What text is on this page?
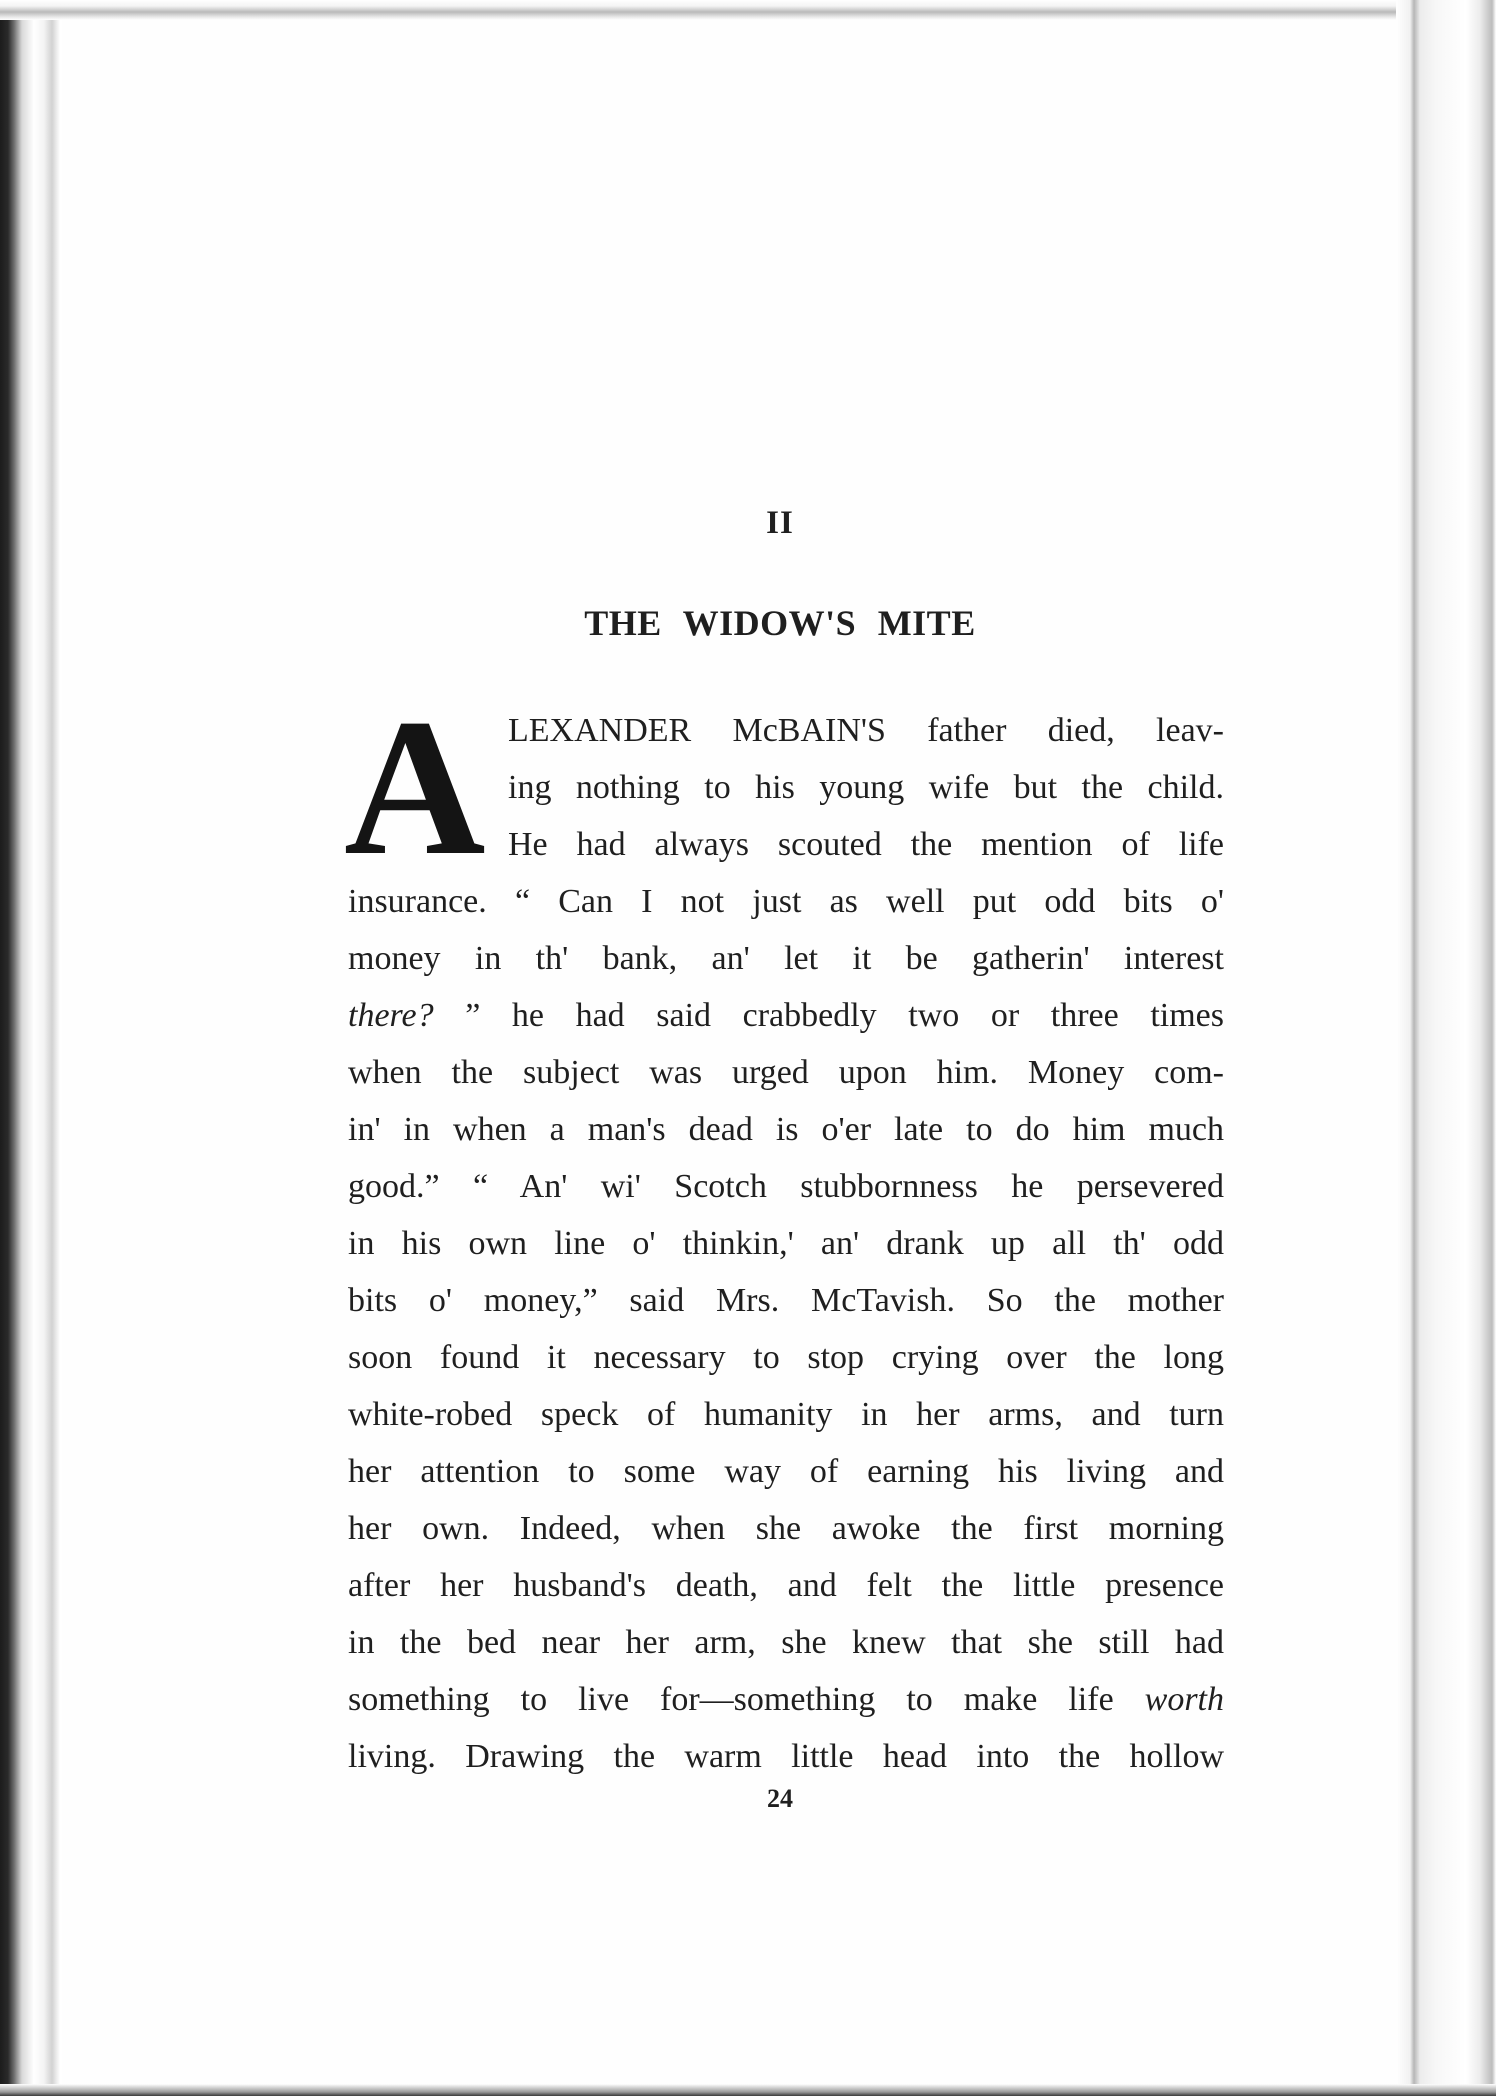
II
THE WIDOW'S MITE
A LEXANDER McBAIN'S father died, leav-
ing nothing to his young wife but the child.
He had always scouted the mention of life
insurance. “ Can I not just as well put odd bits o'
money in th' bank, an' let it be gatherin' interest
there? ” he had said crabbedly two or three times
when the subject was urged upon him. Money com-
in' in when a man's dead is o'er late to do him much
good.” “ An' wi' Scotch stubbornness he persevered
in his own line o' thinkin,' an' drank up all th' odd
bits o' money,” said Mrs. McTavish. So the mother
soon found it necessary to stop crying over the long
white-robed speck of humanity in her arms, and turn
her attention to some way of earning his living and
her own. Indeed, when she awoke the first morning
after her husband's death, and felt the little presence
in the bed near her arm, she knew that she still had
something to live for—something to make life worth
living. Drawing the warm little head into the hollow
24
